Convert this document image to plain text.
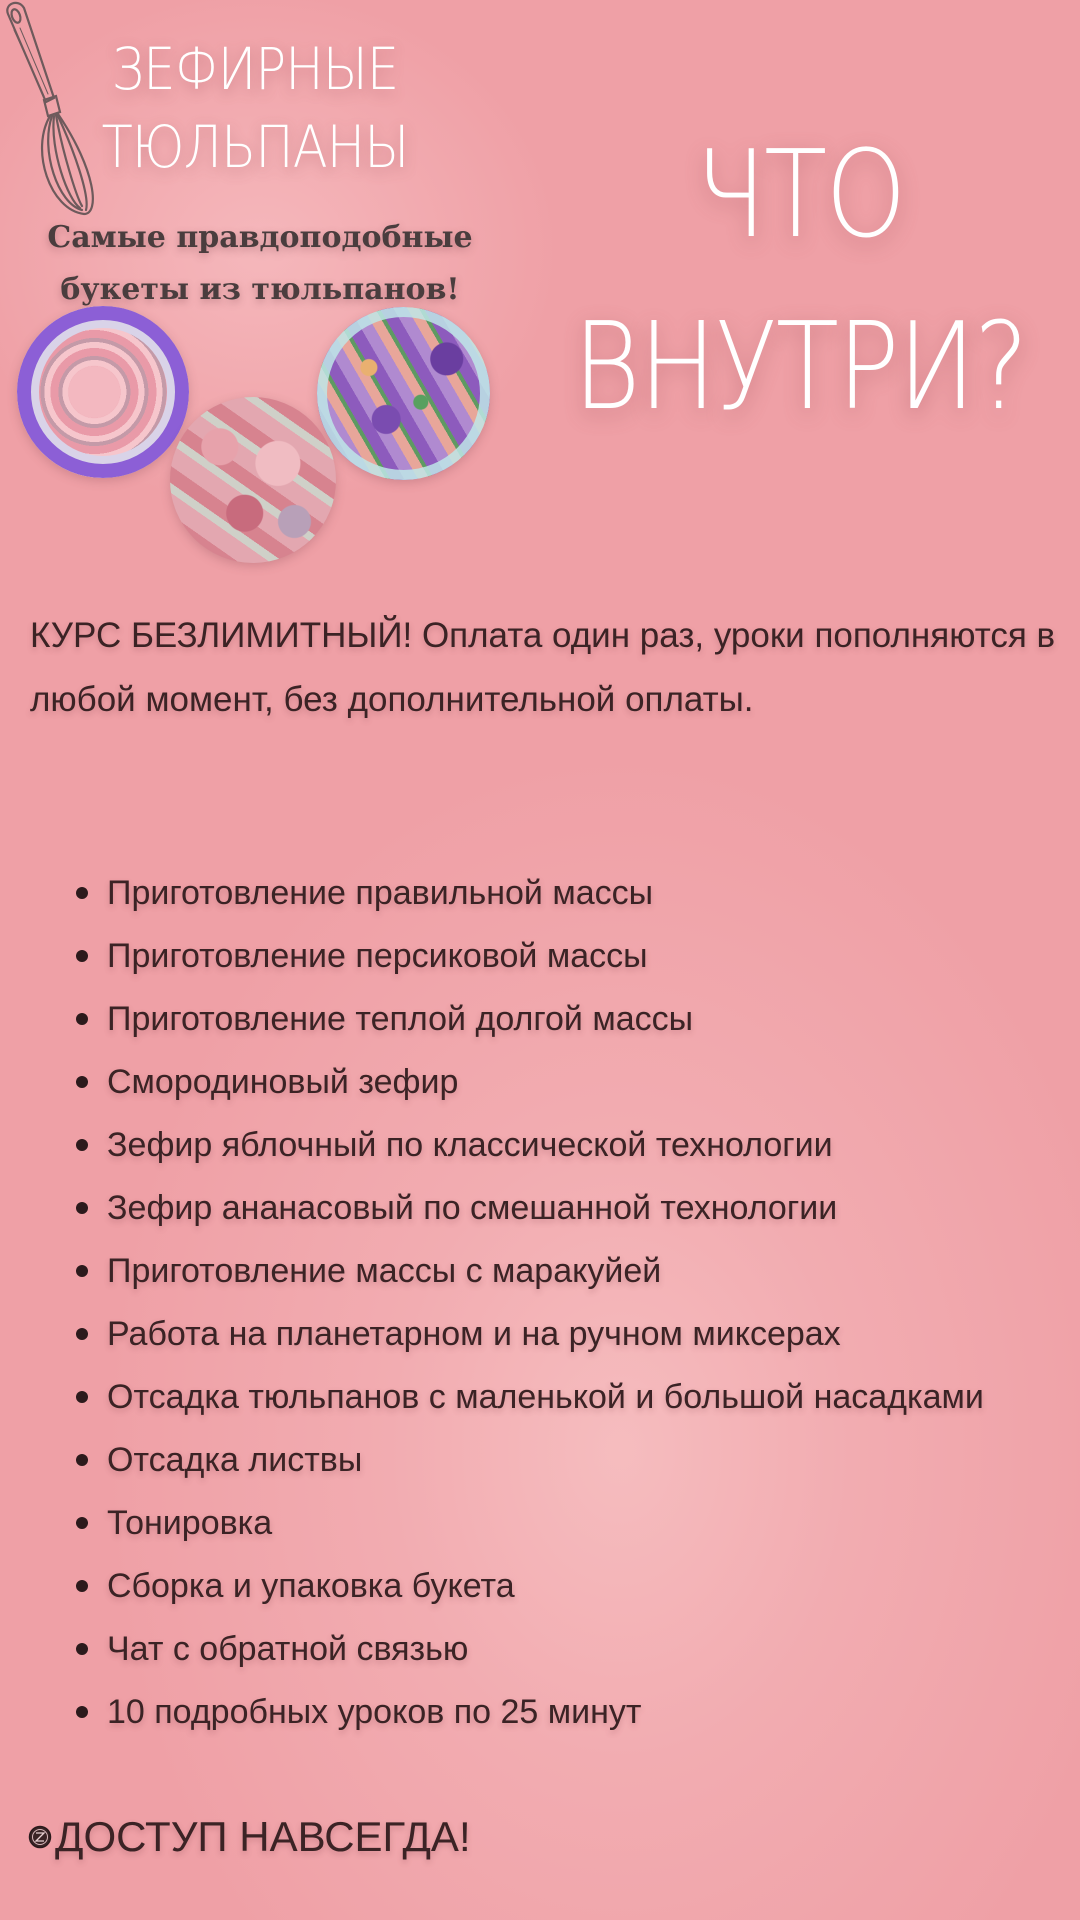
ЗЕФИРНЫЕ
ТЮЛЬПАНЫ
Самые правдоподобные
букеты из тюльпанов!
ЧТО
ВНУТРИ?
КУРС БЕЗЛИМИТНЫЙ! Оплата один раз, уроки пополняются в любой момент, без дополнительной оплаты.
Приготовление правильной массы
Приготовление персиковой массы
Приготовление теплой долгой массы
Смородиновый зефир
Зефир яблочный по классической технологии
Зефир ананасовый по смешанной технологии
Приготовление массы с маракуйей
Работа на планетарном и на ручном миксерах
Отсадка тюльпанов с маленькой и большой насадками
Отсадка листвы
Тонировка
Сборка и упаковка букета
Чат с обратной связью
10 подробных уроков по 25 минут
ДОСТУП НАВСЕГДА!
